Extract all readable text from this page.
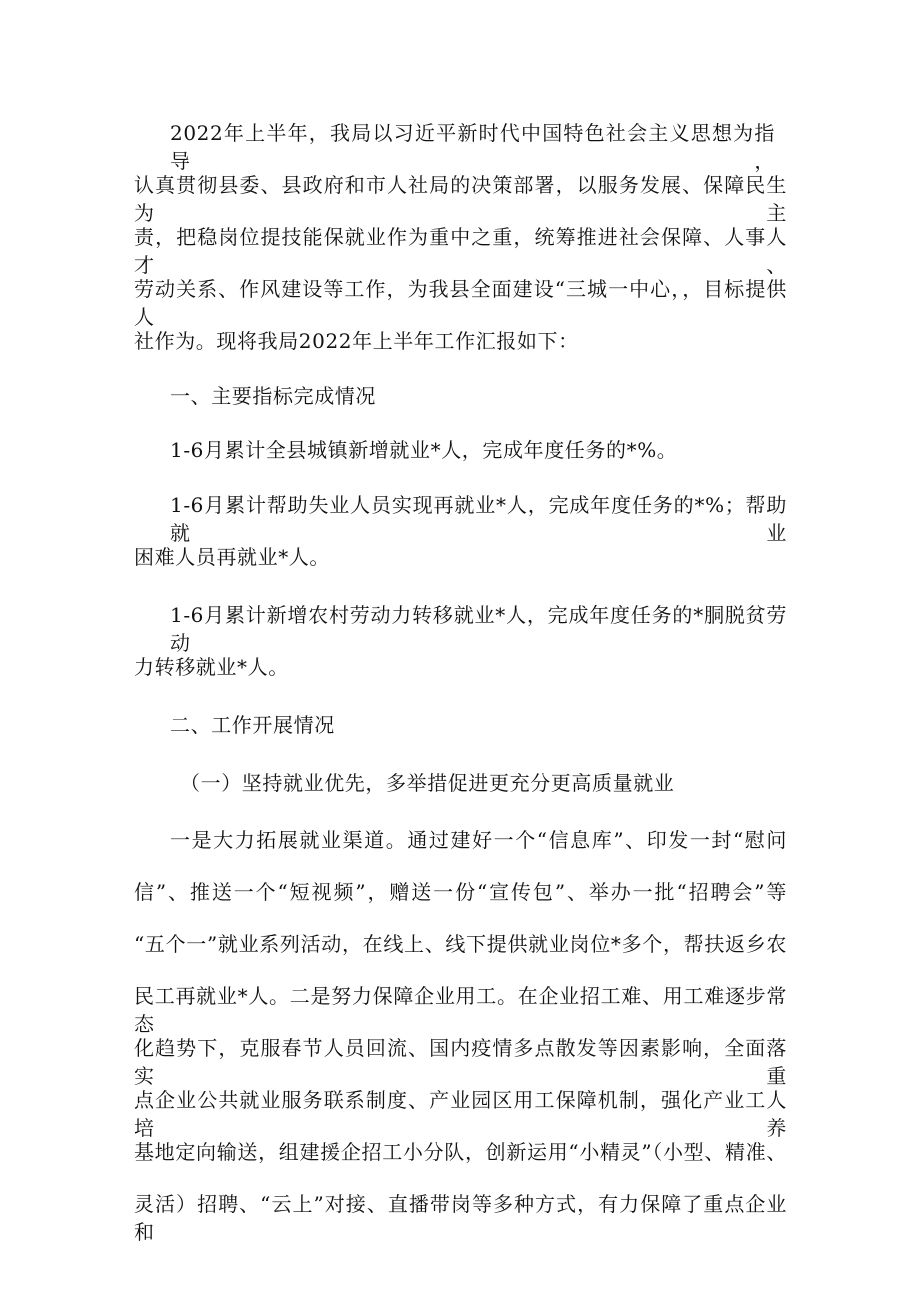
2022年上半年，我局以习近平新时代中国特色社会主义思想为指导，
认真贯彻县委、县政府和市人社局的决策部署，以服务发展、保障民生为主
责，把稳岗位提技能保就业作为重中之重，统筹推进社会保障、人事人才、
劳动关系、作风建设等工作，为我县全面建设“三城一中心，，目标提供人
社作为。现将我局2022年上半年工作汇报如下：
一、主要指标完成情况
1-6月累计全县城镇新增就业*人，完成年度任务的*%。
1-6月累计帮助失业人员实现再就业*人，完成年度任务的*%；帮助就业
困难人员再就业*人。
1-6月累计新增农村劳动力转移就业*人，完成年度任务的*胴脱贫劳动
力转移就业*人。
二、工作开展情况
（一）坚持就业优先，多举措促进更充分更高质量就业
一是大力拓展就业渠道。通过建好一个“信息库”、印发一封“慰问
信”、推送一个“短视频”，赠送一份“宣传包”、举办一批“招聘会”等
“五个一”就业系列活动，在线上、线下提供就业岗位*多个，帮扶返乡农
民工再就业*人。二是努力保障企业用工。在企业招工难、用工难逐步常态
化趋势下，克服春节人员回流、国内疫情多点散发等因素影响，全面落实重
点企业公共就业服务联系制度、产业园区用工保障机制，强化产业工人培养
基地定向输送，组建援企招工小分队，创新运用“小精灵”（小型、精准、
灵活）招聘、“云上”对接、直播带岗等多种方式，有力保障了重点企业和
